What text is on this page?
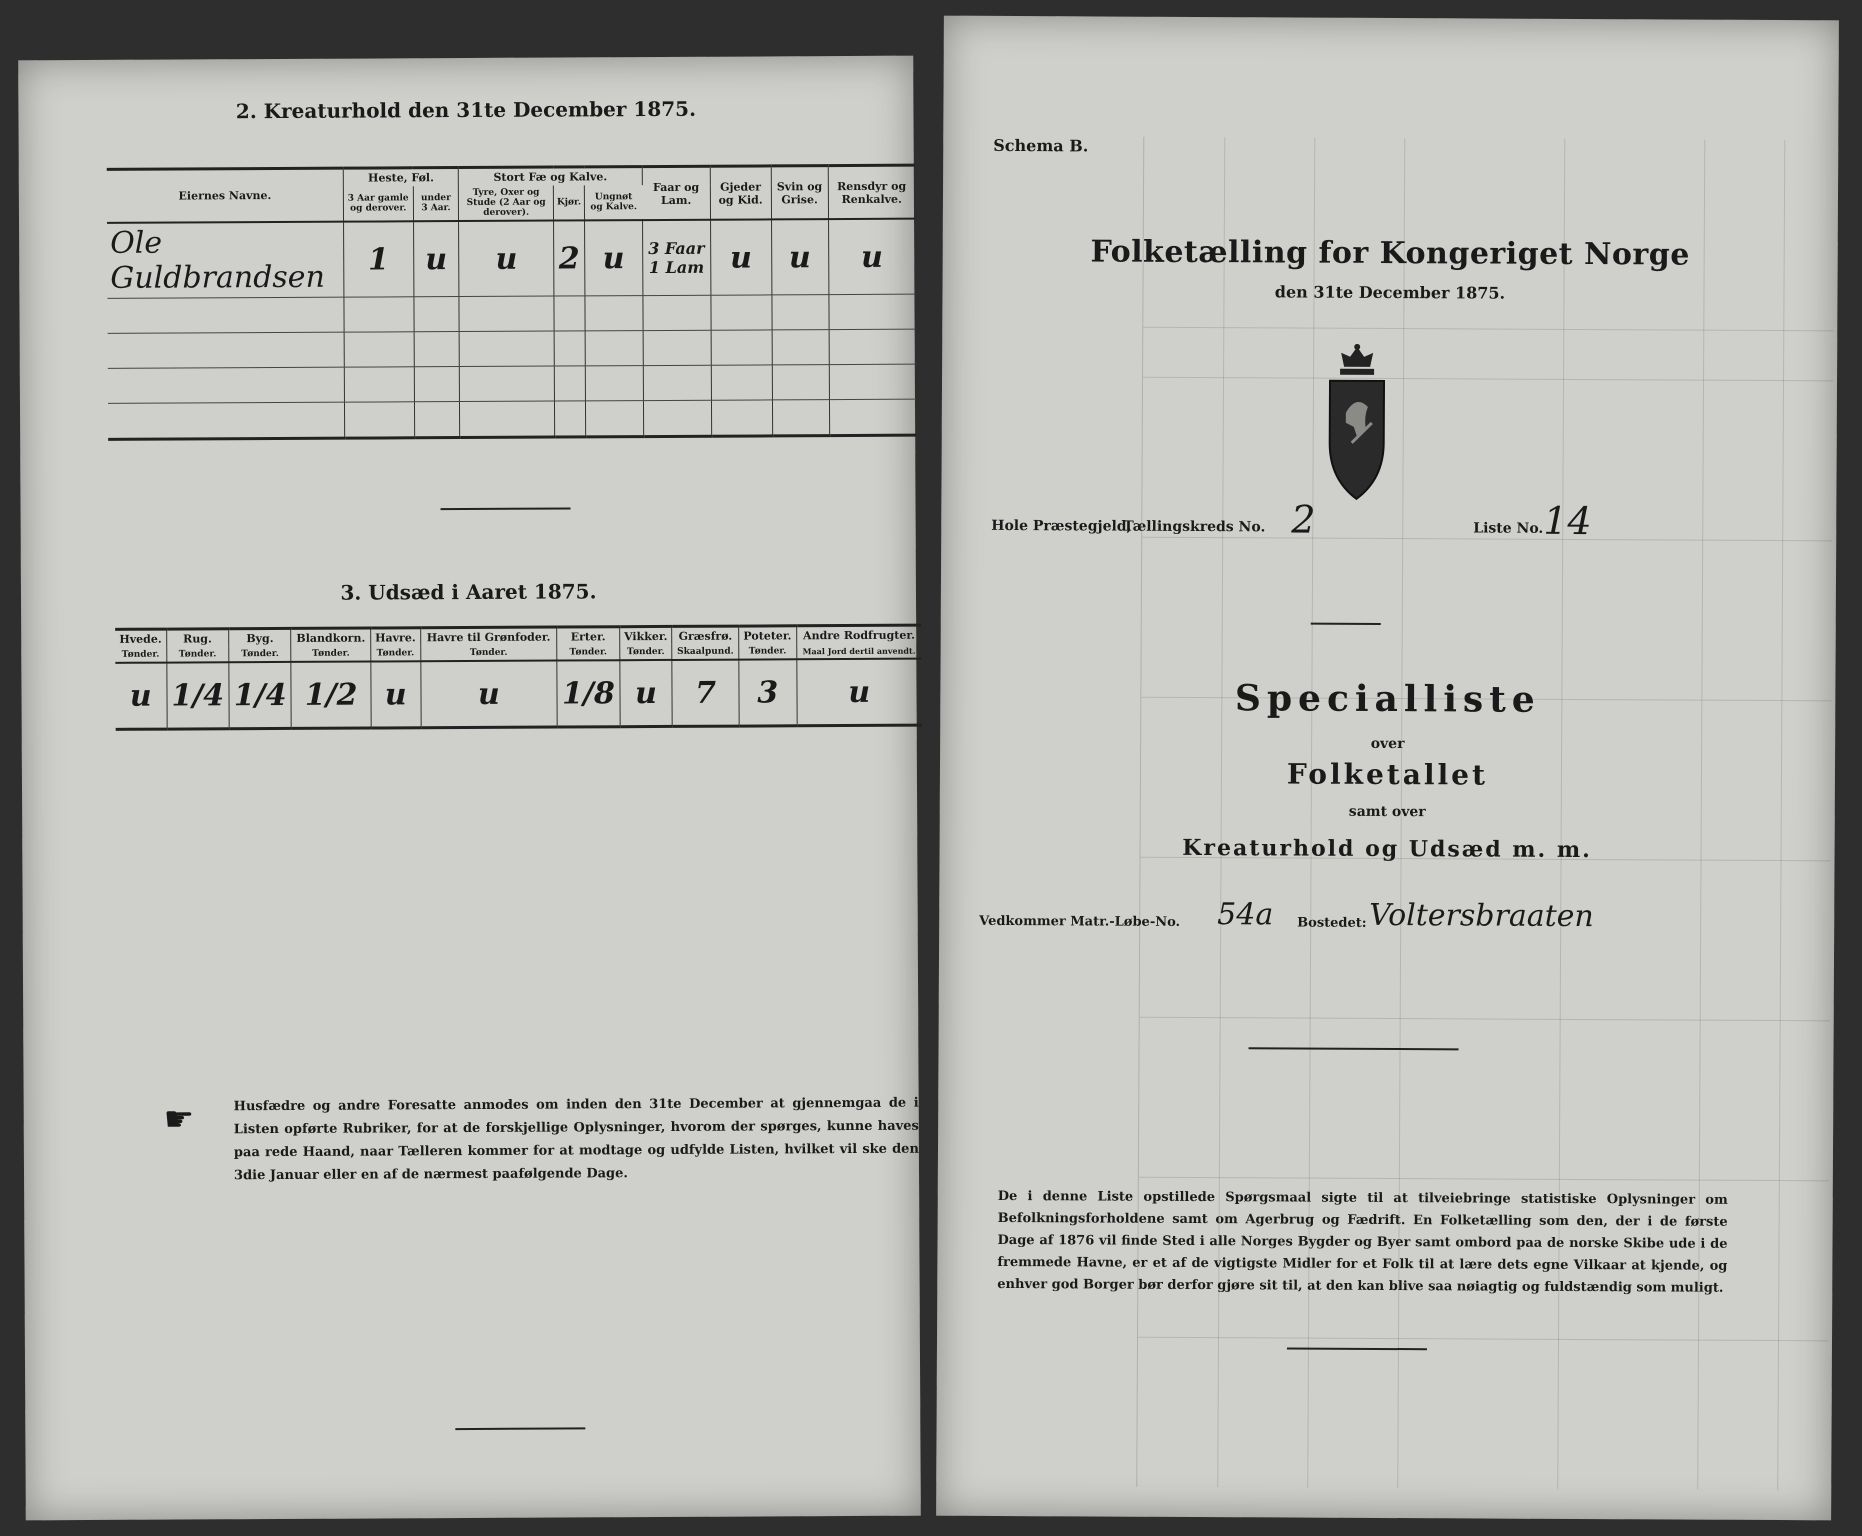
2. Kreaturhold den 31te December 1875.
Eiernes Navne.	Heste, Føl.		Stort Fæ og Kalve.			Faar og Lam.	Gjeder og Kid.	Svin og Grise.	Rensdyr og Renkalve.
	3 Aar gamle og derover.	under 3 Aar.	Tyre, Oxer og Stude (2 Aar og derover).	Kjør.	Ungnøt og Kalve.				
Ole Guldbrandsen	1	u	u	2	u	3 Faar 1 Lam	u	u	u

3. Udsæd i Aaret 1875.
Hvede.	Rug.	Byg.	Blandkorn.	Havre.	Havre til Grønfoder.	Erter.	Vikker.	Græsfrø.	Poteter.	Andre Rodfrugter.
Tønder.	Tønder.	Tønder.	Tønder.	Tønder.	Tønder.	Tønder.	Tønder.	Skaalpund.	Tønder.	Maal Jord dertil anvendt.
u	1/4	1/4	1/2	u	u	1/8	u	7	3	u
☛	Husfædre og andre Foresatte anmodes om inden den 31te December at gjennemgaa de i Listen opførte Rubriker, for at de forskjellige Oplysninger, hvorom der spørges, kunne haves paa rede Haand, naar Tælleren kommer for at modtage og udfylde Listen, hvilket vil ske den 3die Januar eller en af de nærmest paafølgende Dage.
Schema B.
Folketælling for Kongeriget Norge
den 31te December 1875.
Hole Præstegjeld,
Tællingskreds No. 2	Liste No. 14
Specialliste
over
Folketallet
samt over
Kreaturhold og Udsæd m. m.
Vedkommer Matr.-Løbe-No. 54a Bostedet: Voltersbraaten
De i denne Liste opstillede Spørgsmaal sigte til at tilveiebringe statistiske Oplysninger om Befolkningsforholdene samt om Agerbrug og Fædrift. En Folketælling som den, der i de første Dage af 1876 vil finde Sted i alle Norges Bygder og Byer samt ombord paa de norske Skibe ude i de fremmede Havne, er et af de vigtigste Midler for et Folk til at lære dets egne Vilkaar at kjende, og enhver god Borger bør derfor gjøre sit til, at den kan blive saa nøiagtig og fuldstændig som muligt.
